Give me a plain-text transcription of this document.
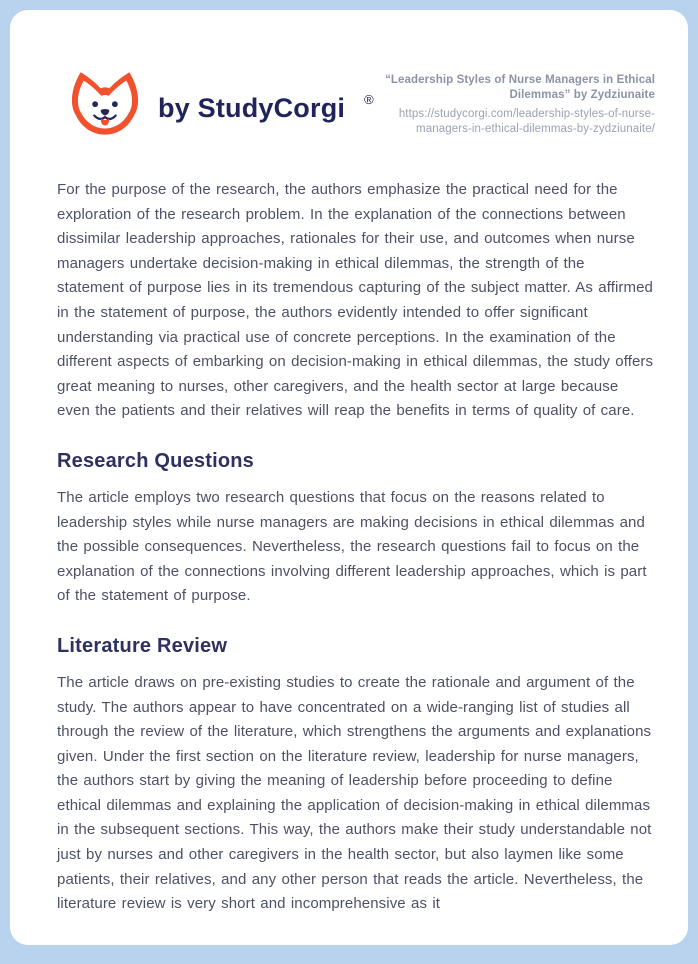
by StudyCorgi ®
“Leadership Styles of Nurse Managers in Ethical Dilemmas” by Zydziunaite
https://studycorgi.com/leadership-styles-of-nurse-managers-in-ethical-dilemmas-by-zydziunaite/

For the purpose of the research, the authors emphasize the practical need for the exploration of the research problem. In the explanation of the connections between dissimilar leadership approaches, rationales for their use, and outcomes when nurse managers undertake decision-making in ethical dilemmas, the strength of the statement of purpose lies in its tremendous capturing of the subject matter. As affirmed in the statement of purpose, the authors evidently intended to offer significant understanding via practical use of concrete perceptions. In the examination of the different aspects of embarking on decision-making in ethical dilemmas, the study offers great meaning to nurses, other caregivers, and the health sector at large because even the patients and their relatives will reap the benefits in terms of quality of care.

Research Questions

The article employs two research questions that focus on the reasons related to leadership styles while nurse managers are making decisions in ethical dilemmas and the possible consequences. Nevertheless, the research questions fail to focus on the explanation of the connections involving different leadership approaches, which is part of the statement of purpose.

Literature Review

The article draws on pre-existing studies to create the rationale and argument of the study. The authors appear to have concentrated on a wide-ranging list of studies all through the review of the literature, which strengthens the arguments and explanations given. Under the first section on the literature review, leadership for nurse managers, the authors start by giving the meaning of leadership before proceeding to define ethical dilemmas and explaining the application of decision-making in ethical dilemmas in the subsequent sections. This way, the authors make their study understandable not just by nurses and other caregivers in the health sector, but also laymen like some patients, their relatives, and any other person that reads the article. Nevertheless, the literature review is very short and incomprehensive as it
